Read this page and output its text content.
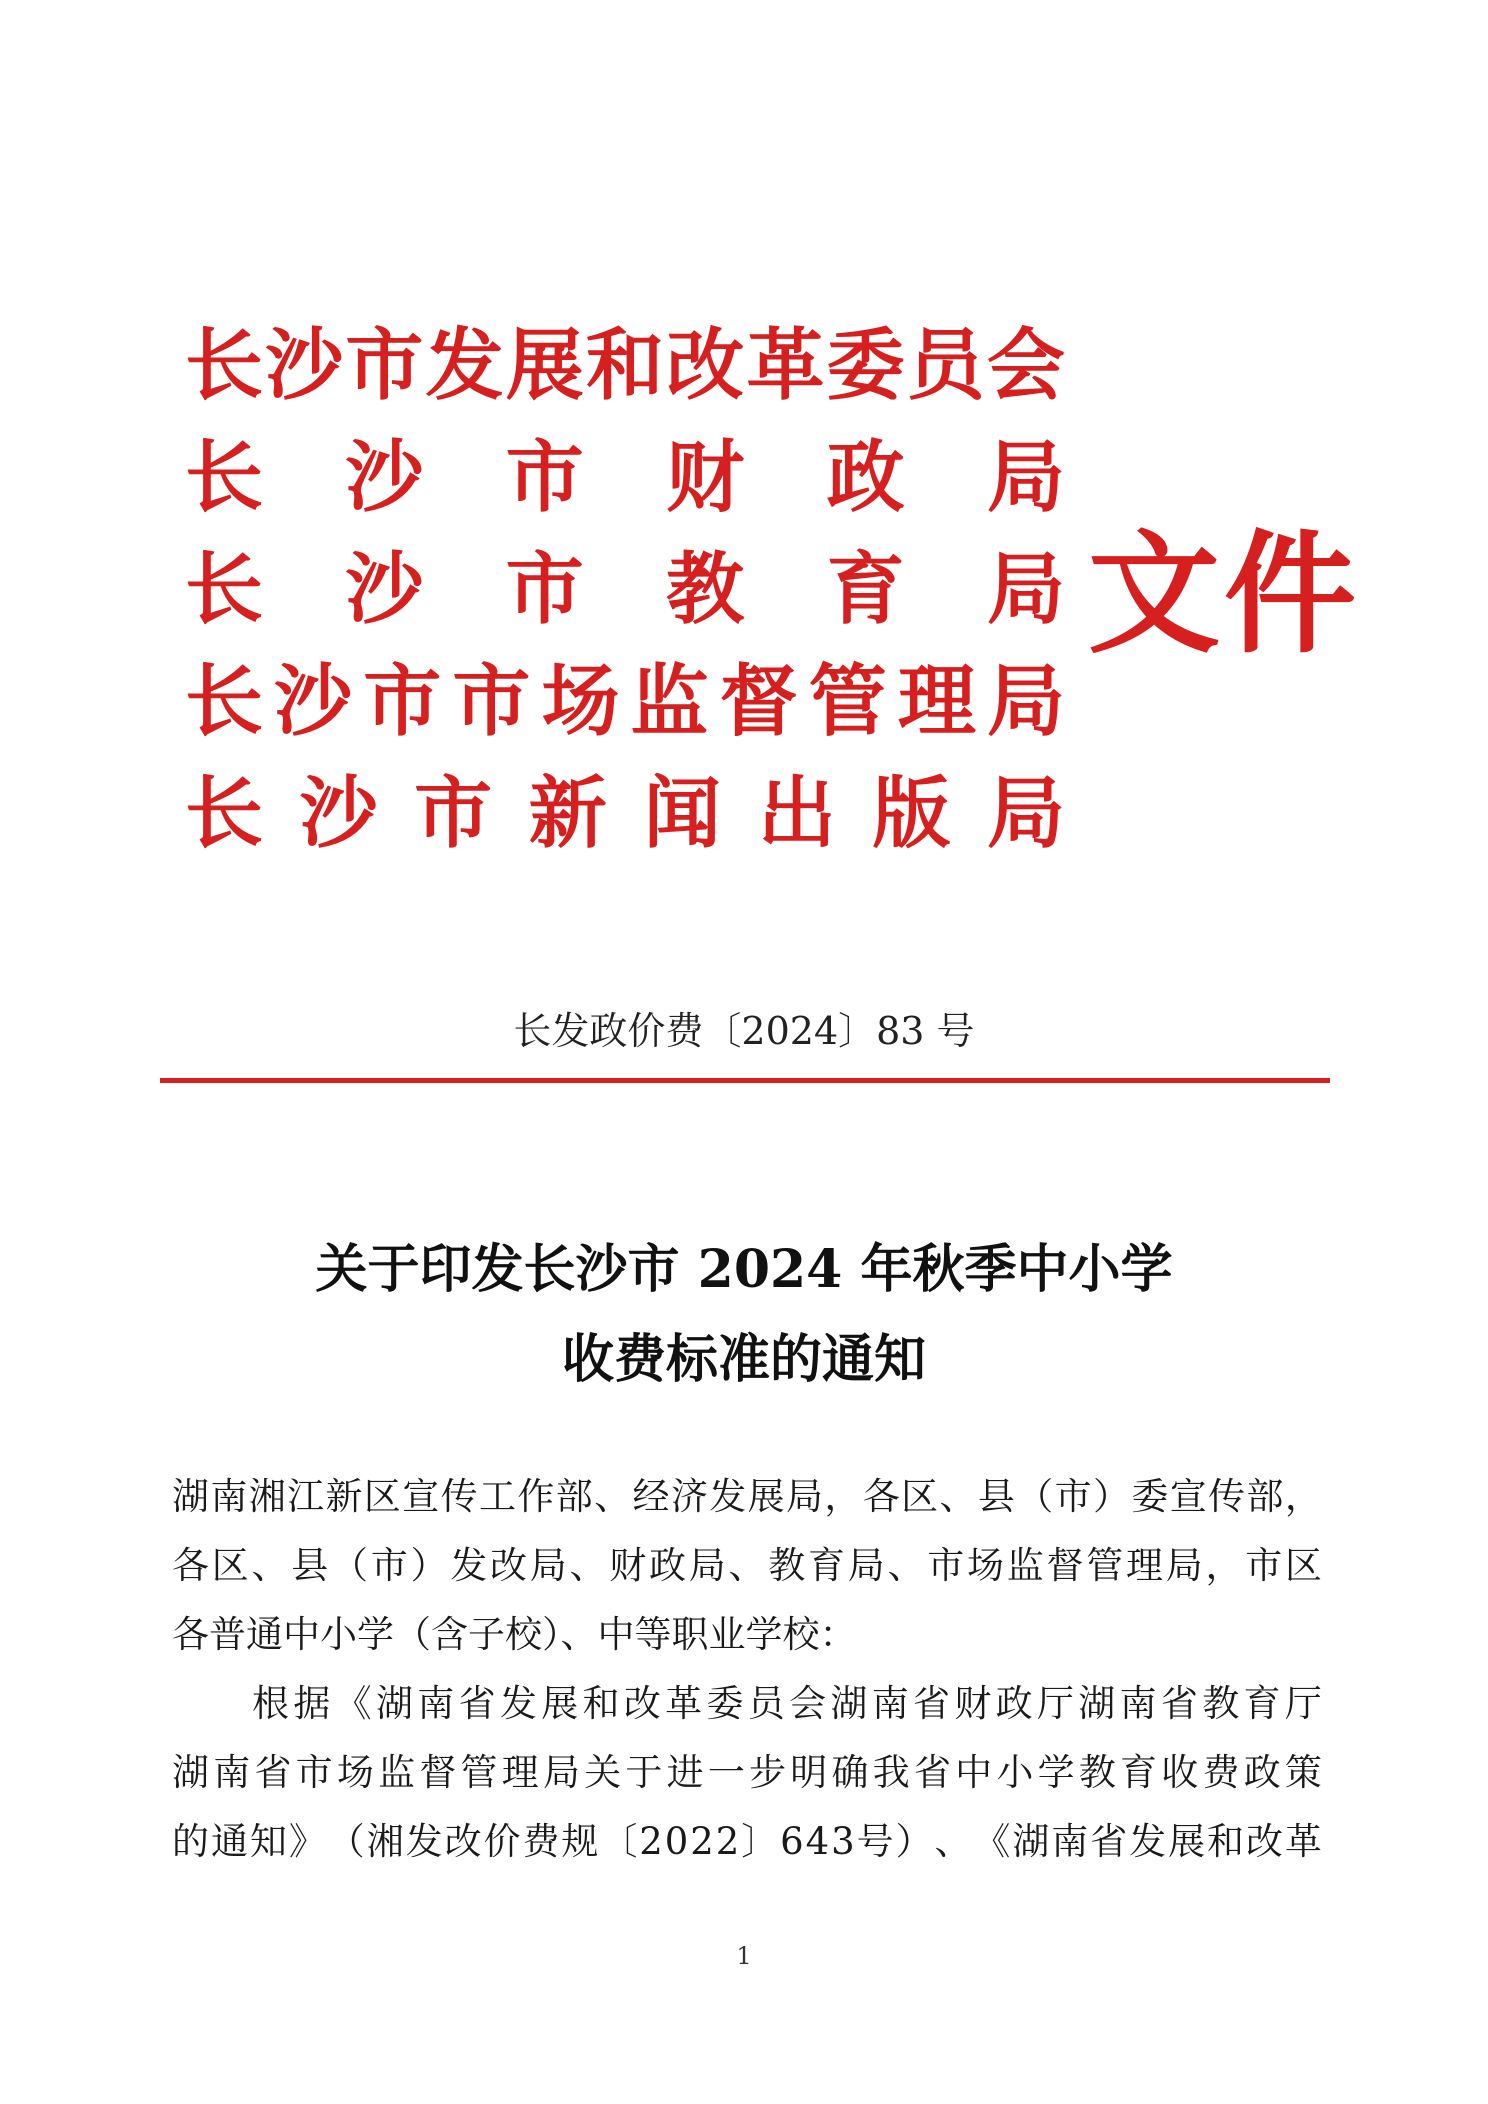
长 沙 市 发 展 和 改 革 委 员 会
长 沙 市 财 政 局
长 沙 市 教 育 局
长 沙 市 市 场 监 督 管 理 局
长 沙 市 新 闻 出 版 局
文件
长发政价费〔2024〕83 号
关于印发长沙市 2024 年秋季中小学
收费标准的通知
湖 南 湘 江 新 区 宣 传 工 作 部 、 经 济 发 展 局 ， 各 区 、 县 （ 市 ） 委 宣 传 部 ，
各 区 、 县 （ 市 ） 发 改 局 、 财 政 局 、 教 育 局 、 市 场 监 督 管 理 局 ， 市 区
各普通中小学（含子校）、中等职业学校：
根 据 《 湖 南 省 发 展 和 改 革 委 员 会 湖 南 省 财 政 厅 湖 南 省 教 育 厅
湖 南 省 市 场 监 督 管 理 局 关 于 进 一 步 明 确 我 省 中 小 学 教 育 收 费 政 策
的 通 知 》 （ 湘 发 改 价 费 规 〔 2 0 2 2 〕 6 4 3 号 ） 、 《 湖 南 省 发 展 和 改 革
1
